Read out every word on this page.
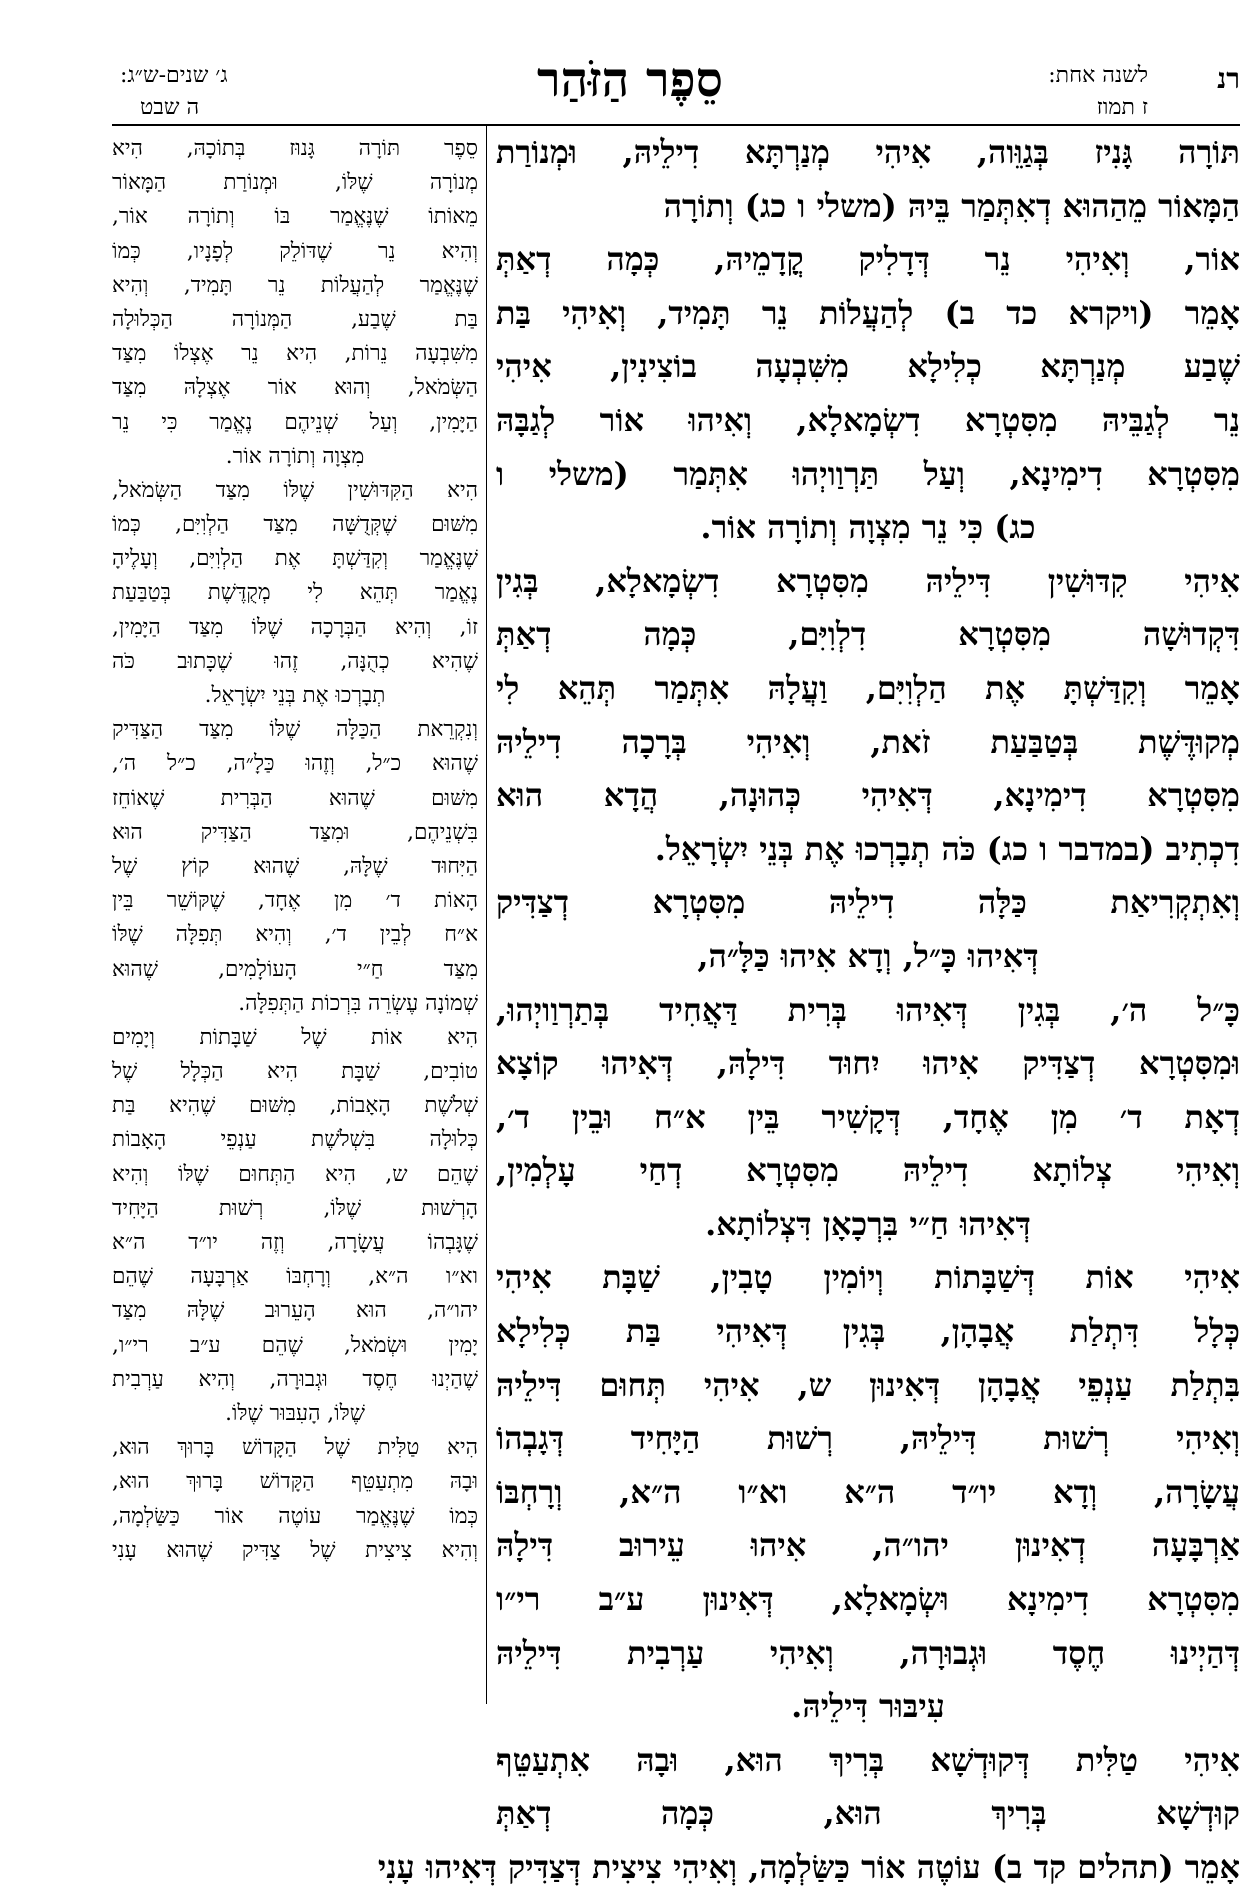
רנ
לשנה אחת:
ז תמוז
סֵפֶר הַזֹּהַר
ג׳ שנים-ש״ג:
ה שבט
תּוֹרָה גָּנִיז בְּגַוֵּוה, אִיהִי מְנַרְתָּא דִילֵיהּ, וּמְנוֹרַת
הַמָּאוֹר מֵהַהוּא דְאִתְּמַר בֵּיהּ (משלי ו כג) וְתוֹרָה
אוֹר, וְאִיהִי נֵר דְּדָלִיק קֳדָמֵיהּ, כְּמָה דְאַתְּ
אָמֵר (ויקרא כד ב) לְהַעֲלוֹת נֵר תָּמִיד, וְאִיהִי בַּת
שֶׁבַע מְנַרְתָּא כְלִילָא מִשִּׁבְעָה בוֹצִינִין, אִיהִי
נֵר לְגַבֵּיהּ מִסִּטְרָא דִשְׂמָאלָא, וְאִיהוּ אוֹר לְגַבָּהּ
מִסִּטְרָא דִימִינָא, וְעַל תַּרְוַויְהוּ אִתְּמַר (משלי ו
כג) כִּי נֵר מִצְוָה וְתוֹרָה אוֹר.
אִיהִי קִדּוּשִׁין דִּילֵיהּ מִסִּטְרָא דִשְׂמָאלָא, בְּגִין
דִּקְדוּשָׁה מִסִּטְרָא דִלְוִיִּם, כְּמָה דְאַתְּ
אָמֵר וְקִדַּשְׁתָּ אֶת הַלְוִיִּם, וַעֲלָהּ אִתְּמַר תְּהֵא לִי
מְקוּדֶּשֶׁת בְּטַבַּעַת זֹאת, וְאִיהִי בְּרָכָה דִילֵיהּ
מִסִּטְרָא דִימִינָא, דְּאִיהִי כְּהוּנָה, הֲדָא הוּא
דִכְתִיב (במדבר ו כג) כֹּה תְבָרְכוּ אֶת בְּנֵי יִשְׂרָאֵל.
וְאִתְקְרִיאַת כַּלָּה דִילֵיהּ מִסִּטְרָא דְצַדִּיק
דְּאִיהוּ כָּ״ל, וְדָא אִיהוּ כַּלָּ״ה,
כָּ״ל ה׳, בְּגִין דְּאִיהוּ בְּרִית דַּאֲחִיד בְּתַרְוַויְהוּ,
וּמִסִּטְרָא דְצַדִּיק אִיהוּ יִחוּד דִּילָהּ, דְּאִיהוּ קוֹצָא
דְאָת ד׳ מִן אֶחָד, דְּקָשִׁיר בֵּין א״ח וּבֵין ד׳,
וְאִיהִי צְלוֹתָא דִילֵיהּ מִסִּטְרָא דְחַי עָלְמִין,
דְּאִיהוּ חַ״י בִּרְכָאָן דִּצְלוֹתָא.
אִיהִי אוֹת דְּשַׁבָּתוֹת וְיוֹמִין טָבִין, שַׁבָּת אִיהִי
כְּלָל דִּתְלַת אֲבָהָן, בְּגִין דְּאִיהִי בַּת כְּלִילָא
בִּתְלַת עַנְפֵי אֲבָהָן דְּאִינוּן ש, אִיהִי תְּחוּם דִּילֵיהּ
וְאִיהִי רְשׁוּת דִּילֵיהּ, רְשׁוּת הַיָּחִיד דְּגָבְהוֹ
עֲשָׂרָה, וְדָא יו״ד ה״א וא״ו ה״א, וְרָחְבּוֹ
אַרְבָּעָה דְאִינוּן יהו״ה, אִיהוּ עֵירוּב דִּילָהּ
מִסִּטְרָא דִימִינָא וּשְׂמָאלָא, דְּאִינוּן ע״ב רי״ו
דְּהַיְינוּ חֶסֶד וּגְבוּרָה, וְאִיהִי עַרְבִית דִּילֵיהּ
עִיבּוּר דִּילֵיהּ.
אִיהִי טַלִּית דְּקוּדְשָׁא בְּרִיךְ הוּא, וּבָהּ אִתְעַטֵּף
קוּדְשָׁא בְּרִיךְ הוּא, כְּמָה דְאַתְּ
אָמֵר (תהלים קד ב) עוֹטֶה אוֹר כַּשַּׂלְמָה, וְאִיהִי צִיצִית דְּצַדִּיק דְּאִיהוּ עָנִי
סֵפֶר תּוֹרָה גָּנוּז בְּתוֹכָהּ, הִיא
מְנוֹרָה שֶׁלּוֹ, וּמְנוֹרַת הַמָּאוֹר
מֵאוֹתוֹ שֶׁנֶּאֱמַר בּוֹ וְתוֹרָה אוֹר,
וְהִיא נֵר שֶׁדּוֹלֵק לְפָנָיו, כְּמוֹ
שֶׁנֶּאֱמַר לְהַעֲלוֹת נֵר תָּמִיד, וְהִיא
בַּת שֶׁבַע, הַמְּנוֹרָה הַכְּלוּלָה
מִשִּׁבְעָה נֵרוֹת, הִיא נֵר אֶצְלוֹ מִצַּד
הַשְּׂמֹאל, וְהוּא אוֹר אֶצְלָהּ מִצַּד
הַיָּמִין, וְעַל שְׁנֵיהֶם נֶאֱמַר כִּי נֵר
מִצְוָה וְתוֹרָה אוֹר.
הִיא הַקִּדּוּשִׁין שֶׁלּוֹ מִצַּד הַשְּׂמֹאל,
מִשּׁוּם שֶׁקְּדֻשָּׁה מִצַּד הַלְוִיִּם, כְּמוֹ
שֶׁנֶּאֱמַר וְקִדַּשְׁתָּ אֶת הַלְוִיִּם, וְעָלֶיהָ
נֶאֱמַר תְּהֵא לִי מְקֻדֶּשֶׁת בְּטַבַּעַת
זוֹ, וְהִיא הַבְּרָכָה שֶׁלּוֹ מִצַּד הַיָּמִין,
שֶׁהִיא כְהֻנָּה, זֶהוּ שֶׁכָּתוּב כֹּה
תְבָרְכוּ אֶת בְּנֵי יִשְׂרָאֵל.
וְנִקְרֵאת הַכַּלָּה שֶׁלּוֹ מִצַּד הַצַּדִּיק
שֶׁהוּא כ״ל, וְזֶהוּ כַּלָ״ה, כ״ל ה׳,
מִשּׁוּם שֶׁהוּא הַבְּרִית שֶׁאוֹחֵז
בִּשְׁנֵיהֶם, וּמִצַּד הַצַּדִּיק הוּא
הַיִּחוּד שֶׁלָּהּ, שֶׁהוּא קוֹץ שֶׁל
הָאוֹת ד׳ מִן אֶחָד, שֶׁקּוֹשֵׁר בֵּין
א״ח לְבֵין ד׳, וְהִיא תְּפִלָּה שֶׁלּוֹ
מִצַּד חַ״י הָעוֹלָמִים, שֶׁהוּא
שְׁמוֹנָה עֶשְׂרֵה בִּרְכוֹת הַתְּפִלָּה.
הִיא אוֹת שֶׁל שַׁבָּתוֹת וְיָמִים
טוֹבִים, שַׁבָּת הִיא הַכְּלָל שֶׁל
שְׁלֹשֶׁת הָאָבוֹת, מִשּׁוּם שֶׁהִיא בַּת
כְּלוּלָה בִּשְׁלֹשֶׁת עַנְפֵי הָאָבוֹת
שֶׁהֵם ש, הִיא הַתְּחוּם שֶׁלּוֹ וְהִיא
הָרְשׁוּת שֶׁלּוֹ, רְשׁוּת הַיָּחִיד
שֶׁגָּבְהוֹ עֲשָׂרָה, וְזֶה יו״ד ה״א
וא״ו ה״א, וְרָחְבּוֹ אַרְבָּעָה שֶׁהֵם
יהו״ה, הוּא הָעֵרוּב שֶׁלָּהּ מִצַּד
יָמִין וּשְׂמֹאל, שֶׁהֵם ע״ב רי״ו,
שֶׁהַיְנוּ חֶסֶד וּגְבוּרָה, וְהִיא עַרְבִית
שֶׁלּוֹ, הָעִבּוּר שֶׁלּוֹ.
הִיא טַלִּית שֶׁל הַקָּדוֹשׁ בָּרוּךְ הוּא,
וּבָהּ מִתְעַטֵּף הַקָּדוֹשׁ בָּרוּךְ הוּא,
כְּמוֹ שֶׁנֶּאֱמַר עוֹטֶה אוֹר כַּשַּׂלְמָה,
וְהִיא צִיצִית שֶׁל צַדִּיק שֶׁהוּא עָנִי
